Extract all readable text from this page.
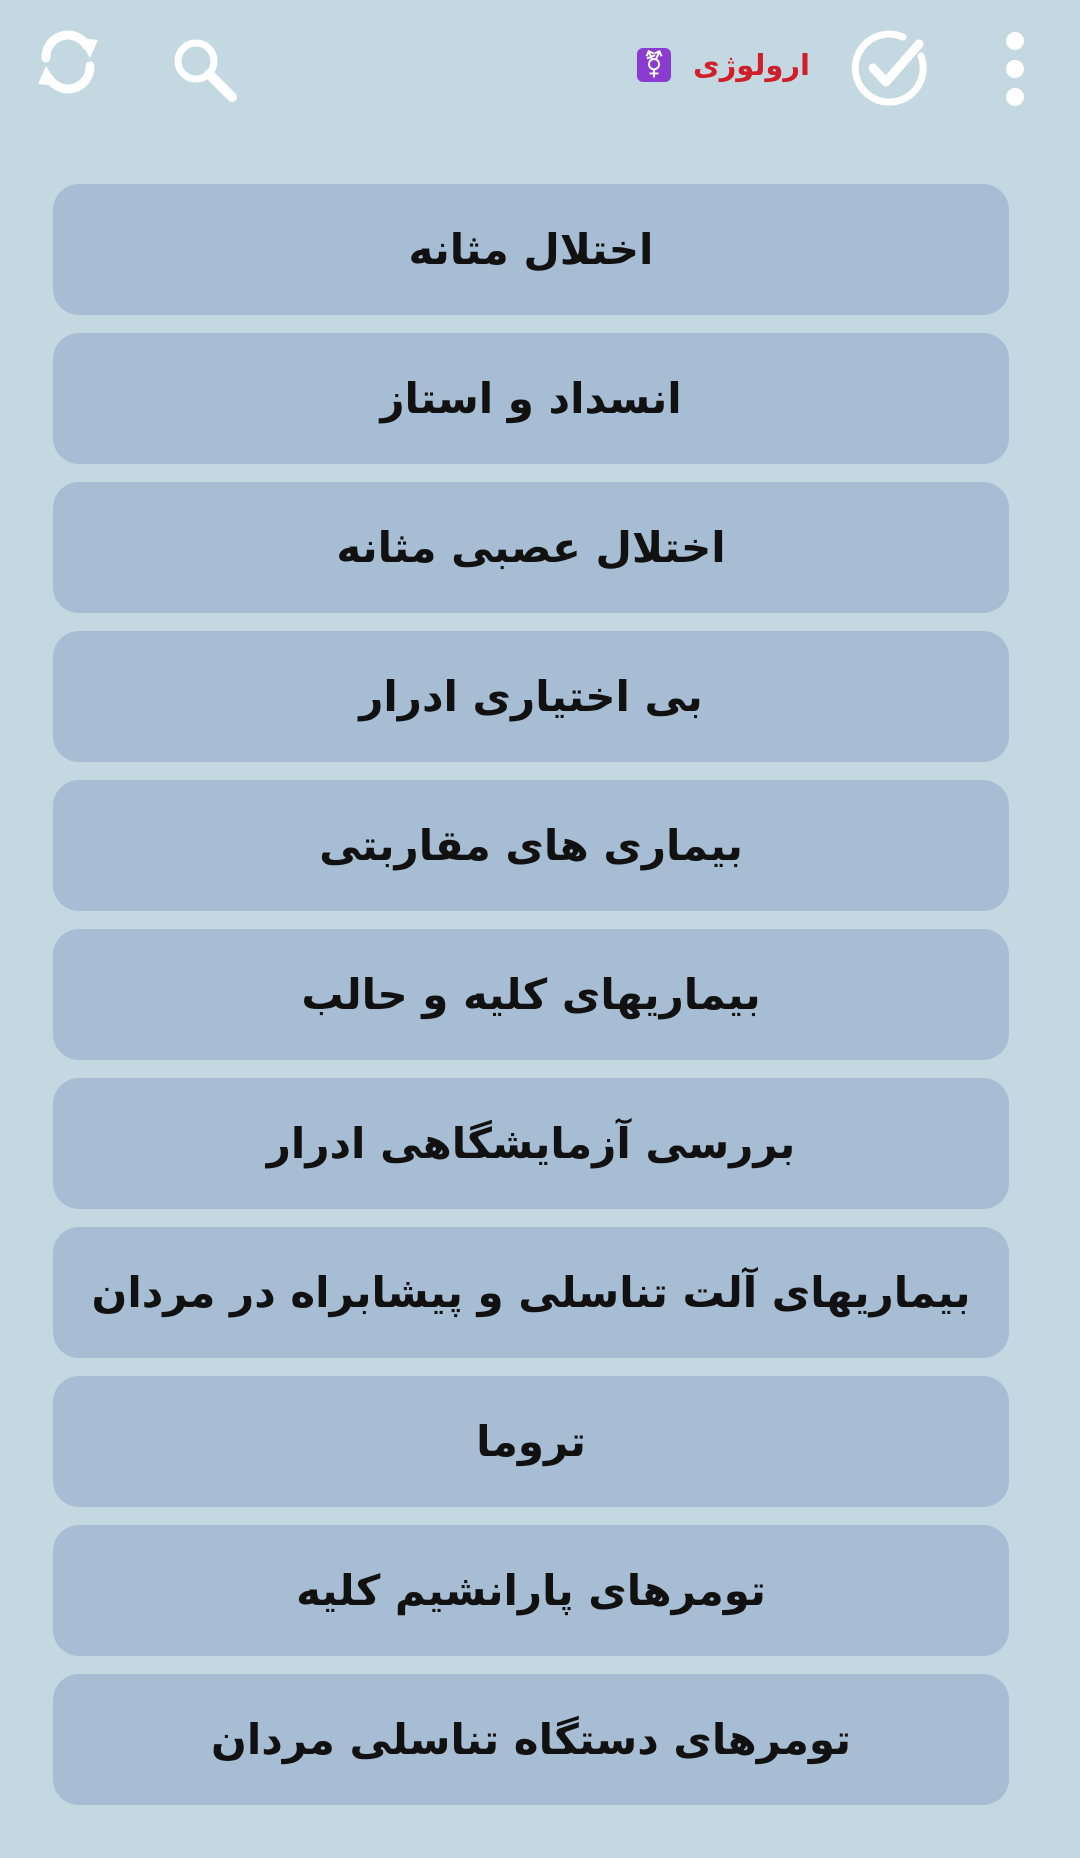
ارولوژی
⚧
اختلال مثانه
انسداد و استاز
اختلال عصبی مثانه
بی اختیاری ادرار
بیماری های مقاربتی
بیماریهای کلیه و حالب
بررسی آزمایشگاهی ادرار
بیماریهای آلت تناسلی و پیشابراه در مردان
تروما
تومرهای پارانشیم کلیه
تومرهای دستگاه تناسلی مردان
